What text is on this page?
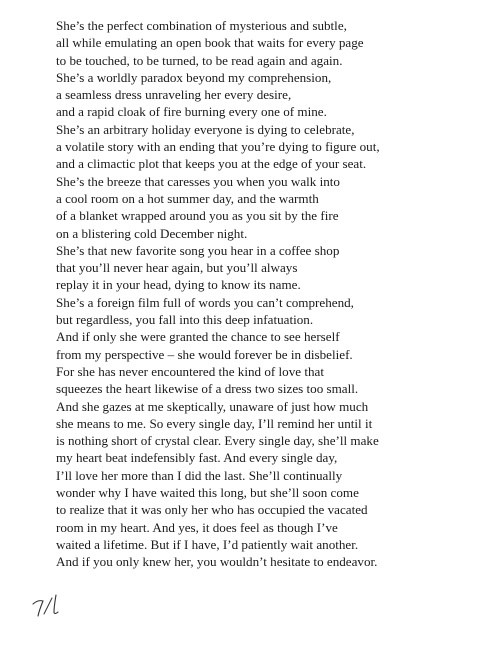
She’s the perfect combination of mysterious and subtle,
all while emulating an open book that waits for every page
to be touched, to be turned, to be read again and again.
She’s a worldly paradox beyond my comprehension,
a seamless dress unraveling her every desire,
and a rapid cloak of fire burning every one of mine.
She’s an arbitrary holiday everyone is dying to celebrate,
a volatile story with an ending that you’re dying to figure out,
and a climactic plot that keeps you at the edge of your seat.
She’s the breeze that caresses you when you walk into
a cool room on a hot summer day, and the warmth
of a blanket wrapped around you as you sit by the fire
on a blistering cold December night.
She’s that new favorite song you hear in a coffee shop
that you’ll never hear again, but you’ll always
replay it in your head, dying to know its name.
She’s a foreign film full of words you can’t comprehend,
but regardless, you fall into this deep infatuation.
And if only she were granted the chance to see herself
from my perspective – she would forever be in disbelief.
For she has never encountered the kind of love that
squeezes the heart likewise of a dress two sizes too small.
And she gazes at me skeptically, unaware of just how much
she means to me. So every single day, I’ll remind her until it
is nothing short of crystal clear. Every single day, she’ll make
my heart beat indefensibly fast. And every single day,
I’ll love her more than I did the last. She’ll continually
wonder why I have waited this long, but she’ll soon come
to realize that it was only her who has occupied the vacated
room in my heart. And yes, it does feel as though I’ve
waited a lifetime. But if I have, I’d patiently wait another.
And if you only knew her, you wouldn’t hesitate to endeavor.
